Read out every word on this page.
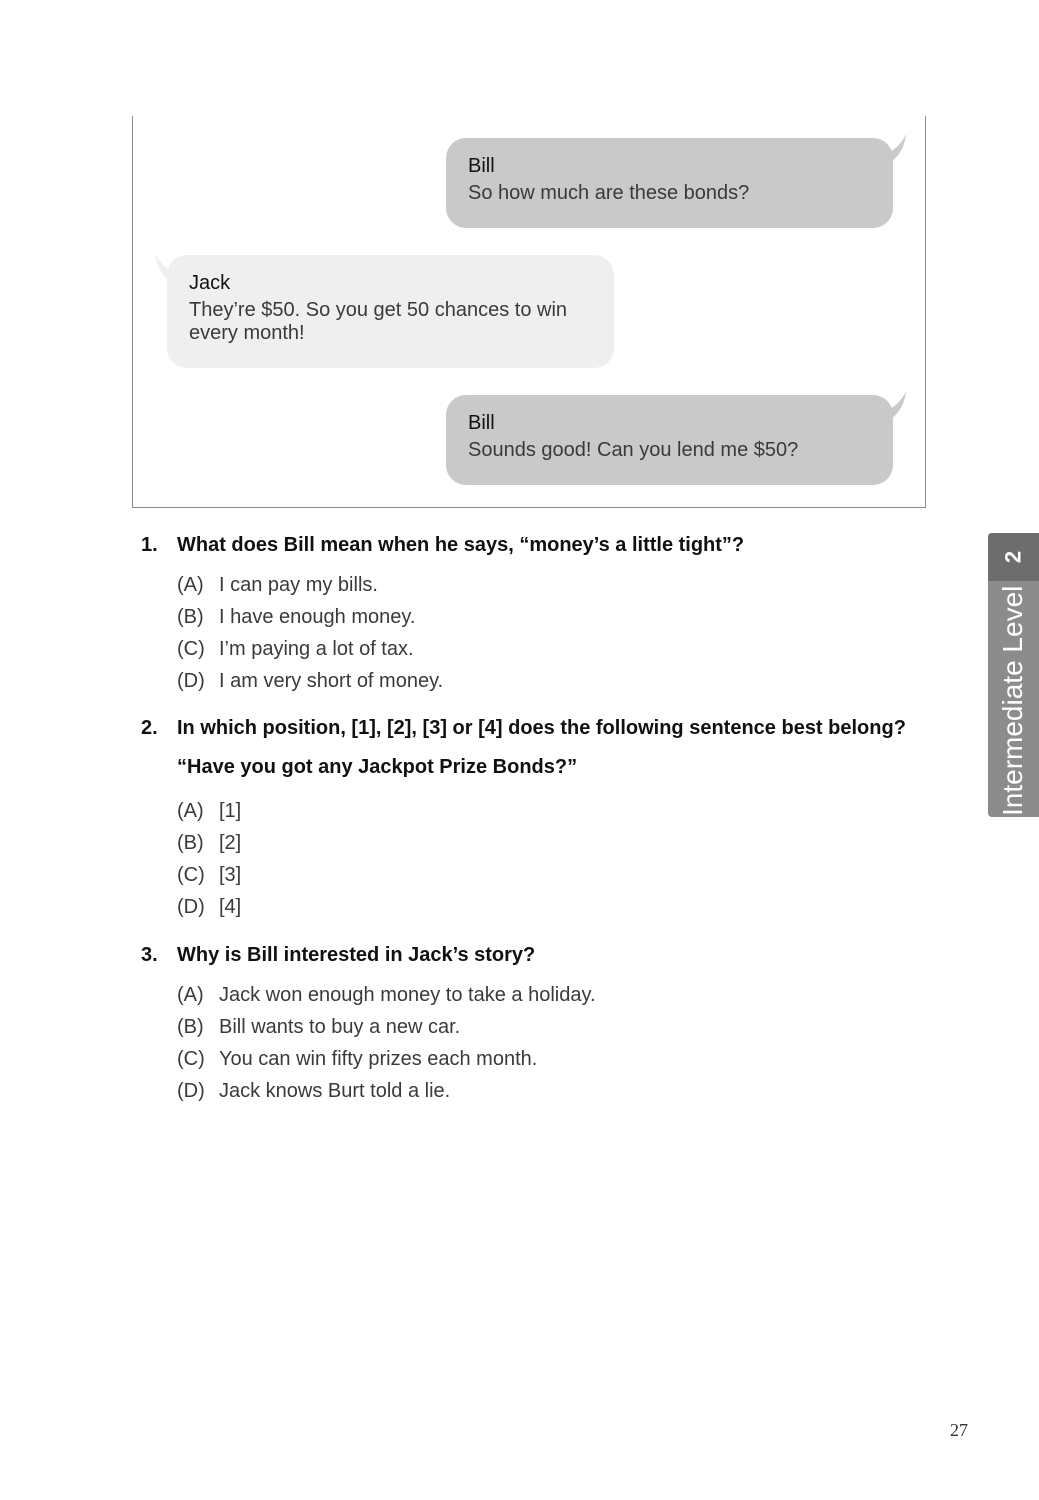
Bill
So how much are these bonds?
Jack
They’re $50. So you get 50 chances to win every month!
Bill
Sounds good! Can you lend me $50?
1. What does Bill mean when he says, “money’s a little tight”?
(A) I can pay my bills.
(B) I have enough money.
(C) I’m paying a lot of tax.
(D) I am very short of money.
2. In which position, [1], [2], [3] or [4] does the following sentence best belong?
“Have you got any Jackpot Prize Bonds?”
(A) [1]
(B) [2]
(C) [3]
(D) [4]
3. Why is Bill interested in Jack’s story?
(A) Jack won enough money to take a holiday.
(B) Bill wants to buy a new car.
(C) You can win fifty prizes each month.
(D) Jack knows Burt told a lie.
2
Intermediate Level
27
